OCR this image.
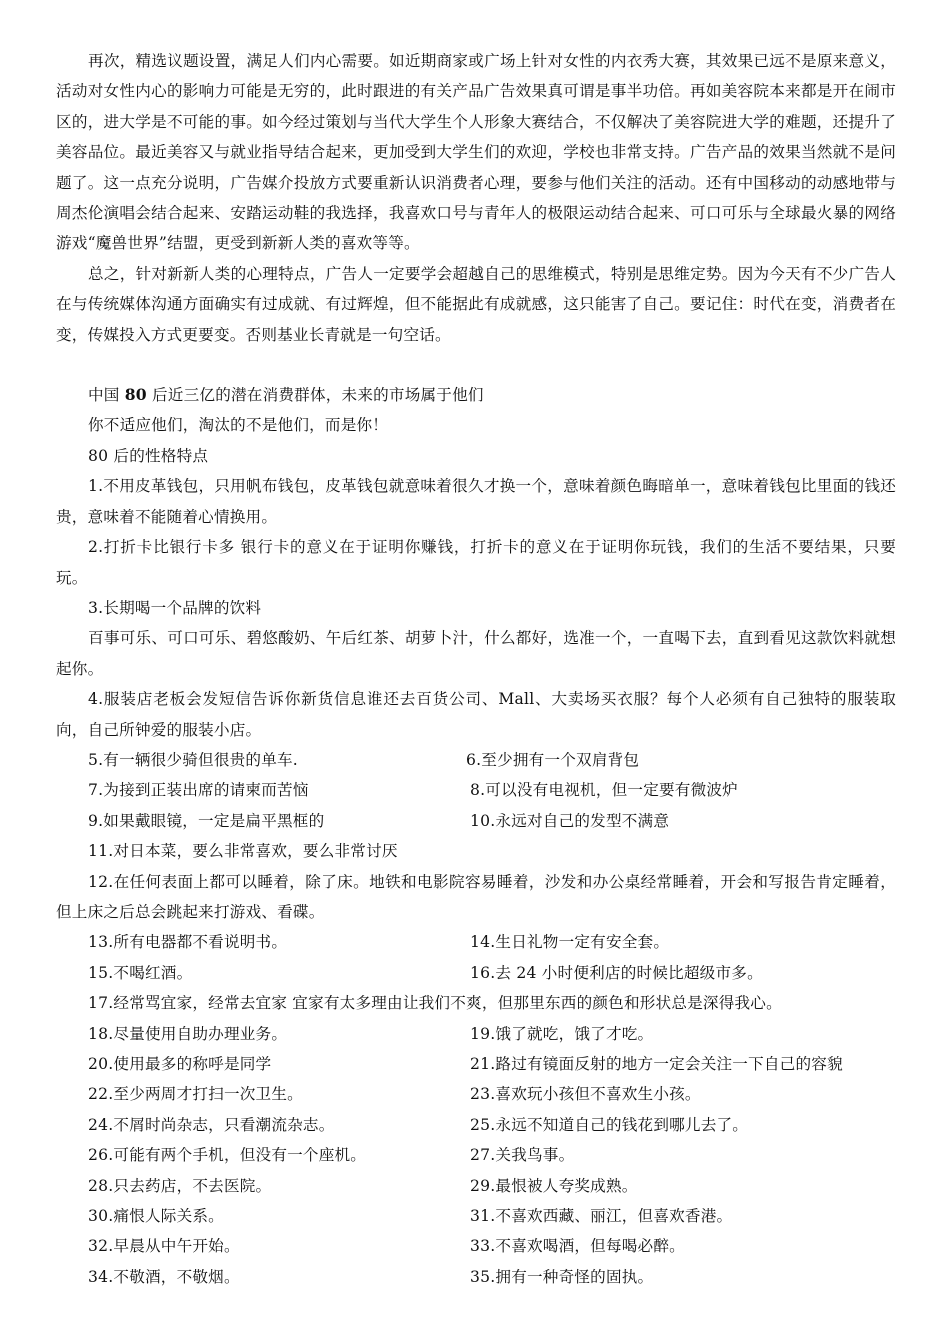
再次，精选议题设置，满足人们内心需要。如近期商家或广场上针对女性的内衣秀大赛，其效果已远不是原来意义，活动对女性内心的影响力可能是无穷的，此时跟进的有关产品广告效果真可谓是事半功倍。再如美容院本来都是开在闹市区的，进大学是不可能的事。如今经过策划与当代大学生个人形象大赛结合，不仅解决了美容院进大学的难题，还提升了美容品位。最近美容又与就业指导结合起来，更加受到大学生们的欢迎，学校也非常支持。广告产品的效果当然就不是问题了。这一点充分说明，广告媒介投放方式要重新认识消费者心理，要参与他们关注的活动。还有中国移动的动感地带与周杰伦演唱会结合起来、安踏运动鞋的我选择，我喜欢口号与青年人的极限运动结合起来、可口可乐与全球最火暴的网络游戏“魔兽世界”结盟，更受到新新人类的喜欢等等。

总之，针对新新人类的心理特点，广告人一定要学会超越自己的思维模式，特别是思维定势。因为今天有不少广告人在与传统媒体沟通方面确实有过成就、有过辉煌，但不能据此有成就感，这只能害了自己。要记住：时代在变，消费者在变，传媒投入方式更要变。否则基业长青就是一句空话。

中国 80 后近三亿的潜在消费群体，未来的市场属于他们

你不适应他们，淘汰的不是他们，而是你！

80 后的性格特点

1.不用皮革钱包，只用帆布钱包，皮革钱包就意味着很久才换一个，意味着颜色晦暗单一，意味着钱包比里面的钱还贵，意味着不能随着心情换用。

2.打折卡比银行卡多 银行卡的意义在于证明你赚钱，打折卡的意义在于证明你玩钱，我们的生活不要结果，只要玩。

3.长期喝一个品牌的饮料

百事可乐、可口可乐、碧悠酸奶、午后红茶、胡萝卜汁，什么都好，选准一个，一直喝下去，直到看见这款饮料就想起你。

4.服装店老板会发短信告诉你新货信息谁还去百货公司、Mall、大卖场买衣服？每个人必须有自己独特的服装取向，自己所钟爱的服装小店。

5.有一辆很少骑但很贵的单车.	6.至少拥有一个双肩背包
7.为接到正装出席的请柬而苦恼	8.可以没有电视机，但一定要有微波炉
9.如果戴眼镜，一定是扁平黑框的	10.永远对自己的发型不满意

11.对日本菜，要么非常喜欢，要么非常讨厌

12.在任何表面上都可以睡着，除了床。地铁和电影院容易睡着，沙发和办公桌经常睡着，开会和写报告肯定睡着，但上床之后总会跳起来打游戏、看碟。

13.所有电器都不看说明书。	14.生日礼物一定有安全套。
15.不喝红酒。	16.去 24 小时便利店的时候比超级市多。

17.经常骂宜家，经常去宜家 宜家有太多理由让我们不爽，但那里东西的颜色和形状总是深得我心。

18.尽量使用自助办理业务。	19.饿了就吃，饿了才吃。
20.使用最多的称呼是同学	21.路过有镜面反射的地方一定会关注一下自己的容貌
22.至少两周才打扫一次卫生。	23.喜欢玩小孩但不喜欢生小孩。
24.不屑时尚杂志，只看潮流杂志。	25.永远不知道自己的钱花到哪儿去了。
26.可能有两个手机，但没有一个座机。	27.关我鸟事。
28.只去药店，不去医院。	29.最恨被人夸奖成熟。
30.痛恨人际关系。	31.不喜欢西藏、丽江，但喜欢香港。
32.早晨从中午开始。	33.不喜欢喝酒，但每喝必醉。
34.不敬酒，不敬烟。	35.拥有一种奇怪的固执。
